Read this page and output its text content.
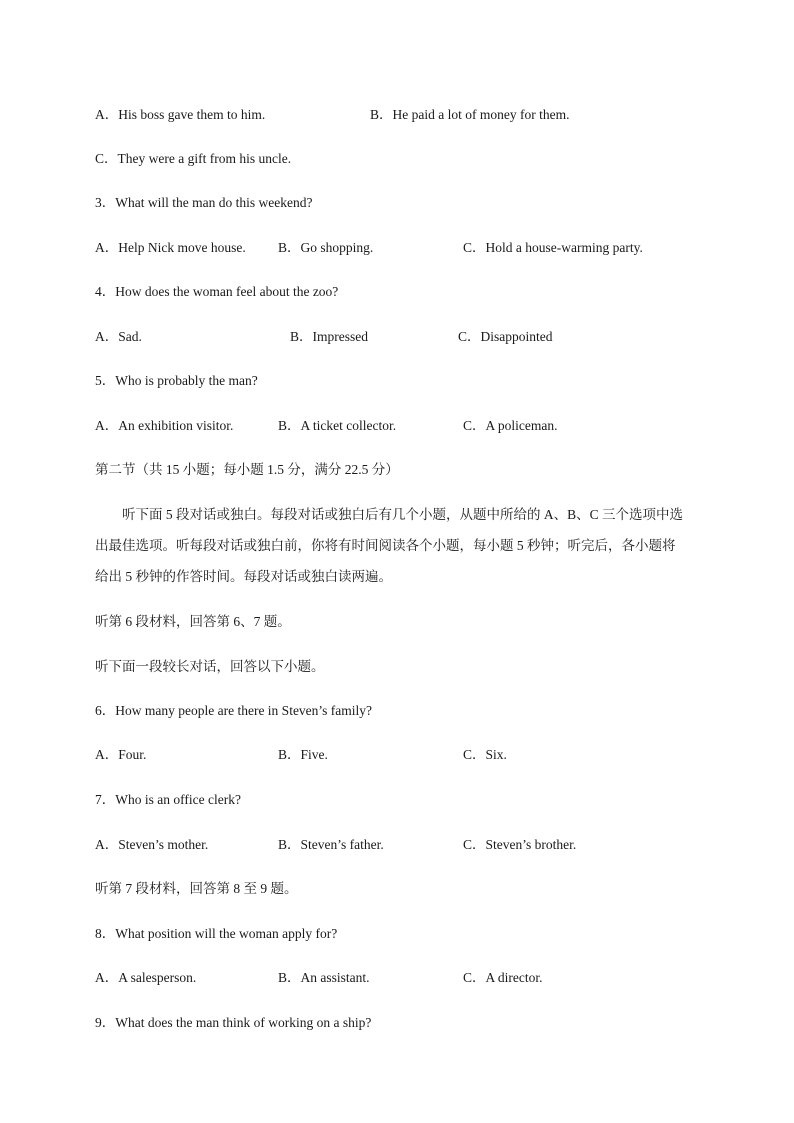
A．His boss gave them to him.	B．He paid a lot of money for them.
C．They were a gift from his uncle.
3．What will the man do this weekend?
A．Help Nick move house. B．Go shopping.	C．Hold a house-warming party.
4．How does the woman feel about the zoo?
A．Sad.	B．Impressed	C．Disappointed
5．Who is probably the man?
A．An exhibition visitor.	B．A ticket collector.	C．A policeman.
第二节（共 15 小题；每小题 1.5 分，满分 22.5 分）
听下面 5 段对话或独白。每段对话或独白后有几个小题，从题中所给的 A、B、C 三个选项中选
出最佳选项。听每段对话或独白前，你将有时间阅读各个小题，每小题 5 秒钟；听完后，各小题将
给出 5 秒钟的作答时间。每段对话或独白读两遍。
听第 6 段材料，回答第 6、7 题。
听下面一段较长对话，回答以下小题。
6．How many people are there in Steven’s family?
A．Four.	B．Five.	C．Six.
7．Who is an office clerk?
A．Steven’s mother.	B．Steven’s father.	C．Steven’s brother.
听第 7 段材料，回答第 8 至 9 题。
8．What position will the woman apply for?
A．A salesperson.	B．An assistant.	C．A director.
9．What does the man think of working on a ship?
